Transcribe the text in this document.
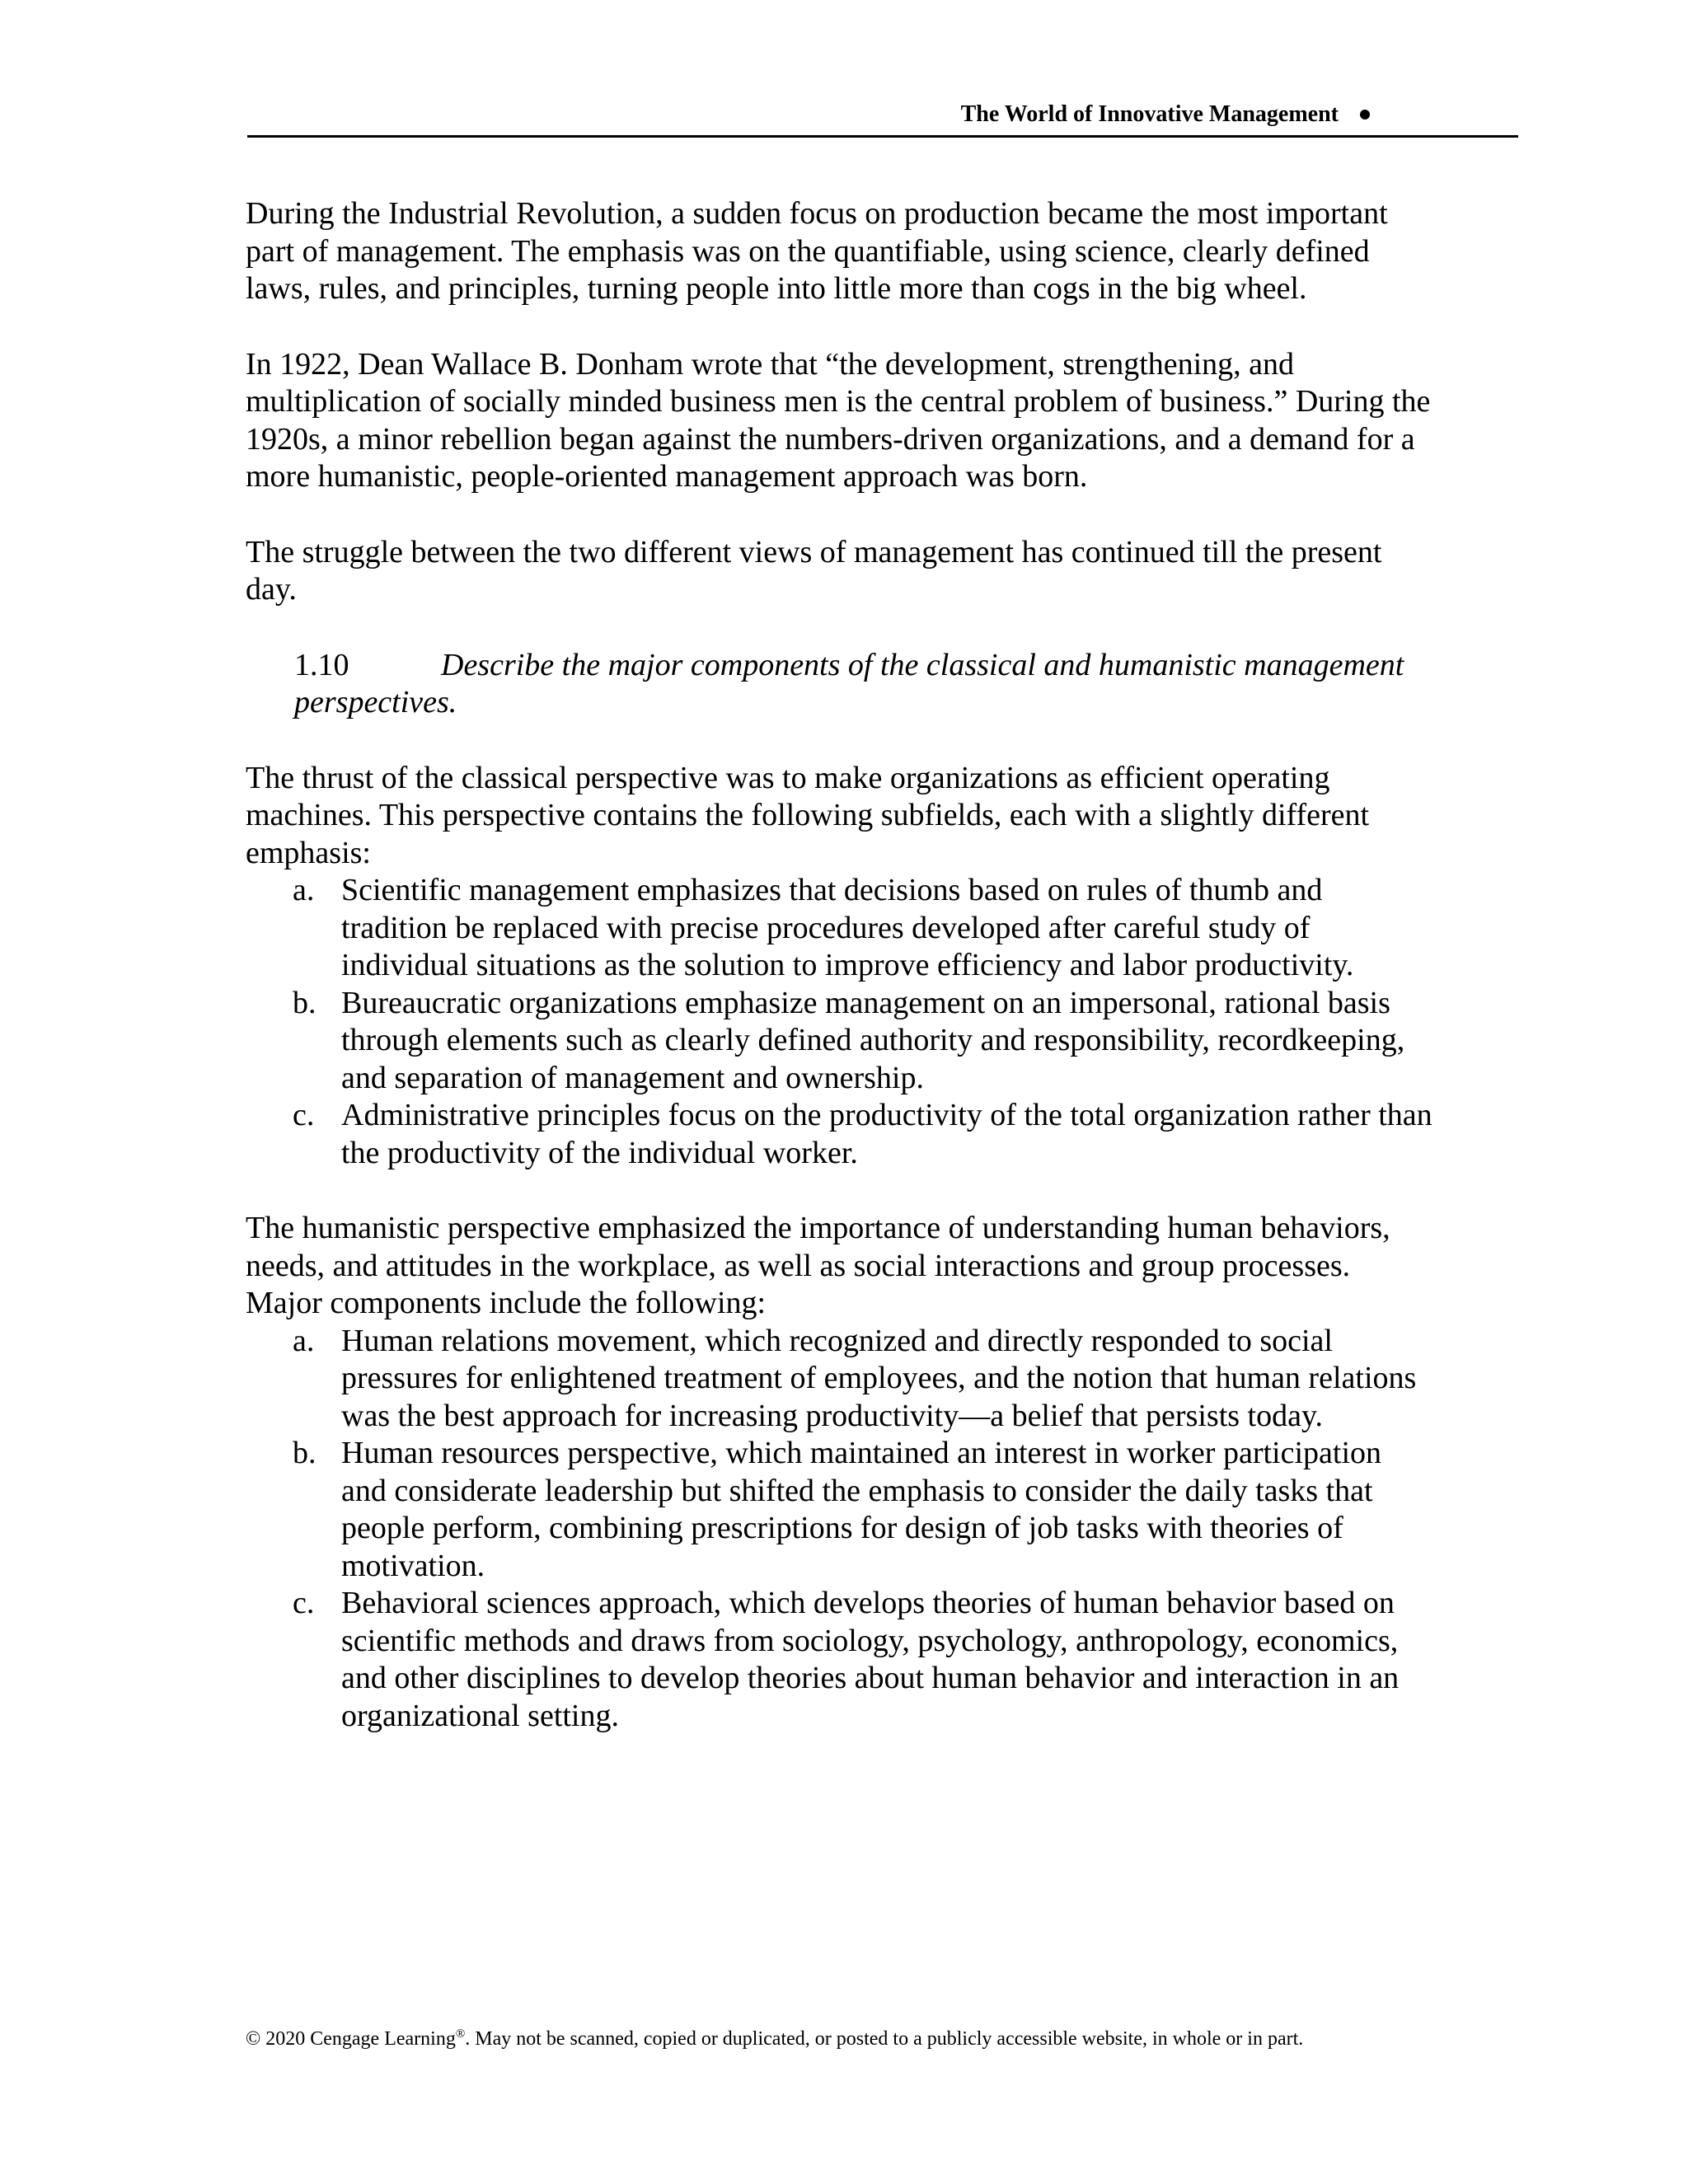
The World of Innovative Management

During the Industrial Revolution, a sudden focus on production became the most important part of management. The emphasis was on the quantifiable, using science, clearly defined laws, rules, and principles, turning people into little more than cogs in the big wheel.

In 1922, Dean Wallace B. Donham wrote that “the development, strengthening, and multiplication of socially minded business men is the central problem of business.” During the 1920s, a minor rebellion began against the numbers-driven organizations, and a demand for a more humanistic, people-oriented management approach was born.

The struggle between the two different views of management has continued till the present day.

1.10	Describe the major components of the classical and humanistic management perspectives.

The thrust of the classical perspective was to make organizations as efficient operating machines. This perspective contains the following subfields, each with a slightly different emphasis:

a. Scientific management emphasizes that decisions based on rules of thumb and tradition be replaced with precise procedures developed after careful study of individual situations as the solution to improve efficiency and labor productivity.
b. Bureaucratic organizations emphasize management on an impersonal, rational basis through elements such as clearly defined authority and responsibility, recordkeeping, and separation of management and ownership.
c. Administrative principles focus on the productivity of the total organization rather than the productivity of the individual worker.

The humanistic perspective emphasized the importance of understanding human behaviors, needs, and attitudes in the workplace, as well as social interactions and group processes. Major components include the following:

a. Human relations movement, which recognized and directly responded to social pressures for enlightened treatment of employees, and the notion that human relations was the best approach for increasing productivity—a belief that persists today.
b. Human resources perspective, which maintained an interest in worker participation and considerate leadership but shifted the emphasis to consider the daily tasks that people perform, combining prescriptions for design of job tasks with theories of motivation.
c. Behavioral sciences approach, which develops theories of human behavior based on scientific methods and draws from sociology, psychology, anthropology, economics, and other disciplines to develop theories about human behavior and interaction in an organizational setting.
© 2020 Cengage Learning®. May not be scanned, copied or duplicated, or posted to a publicly accessible website, in whole or in part.
